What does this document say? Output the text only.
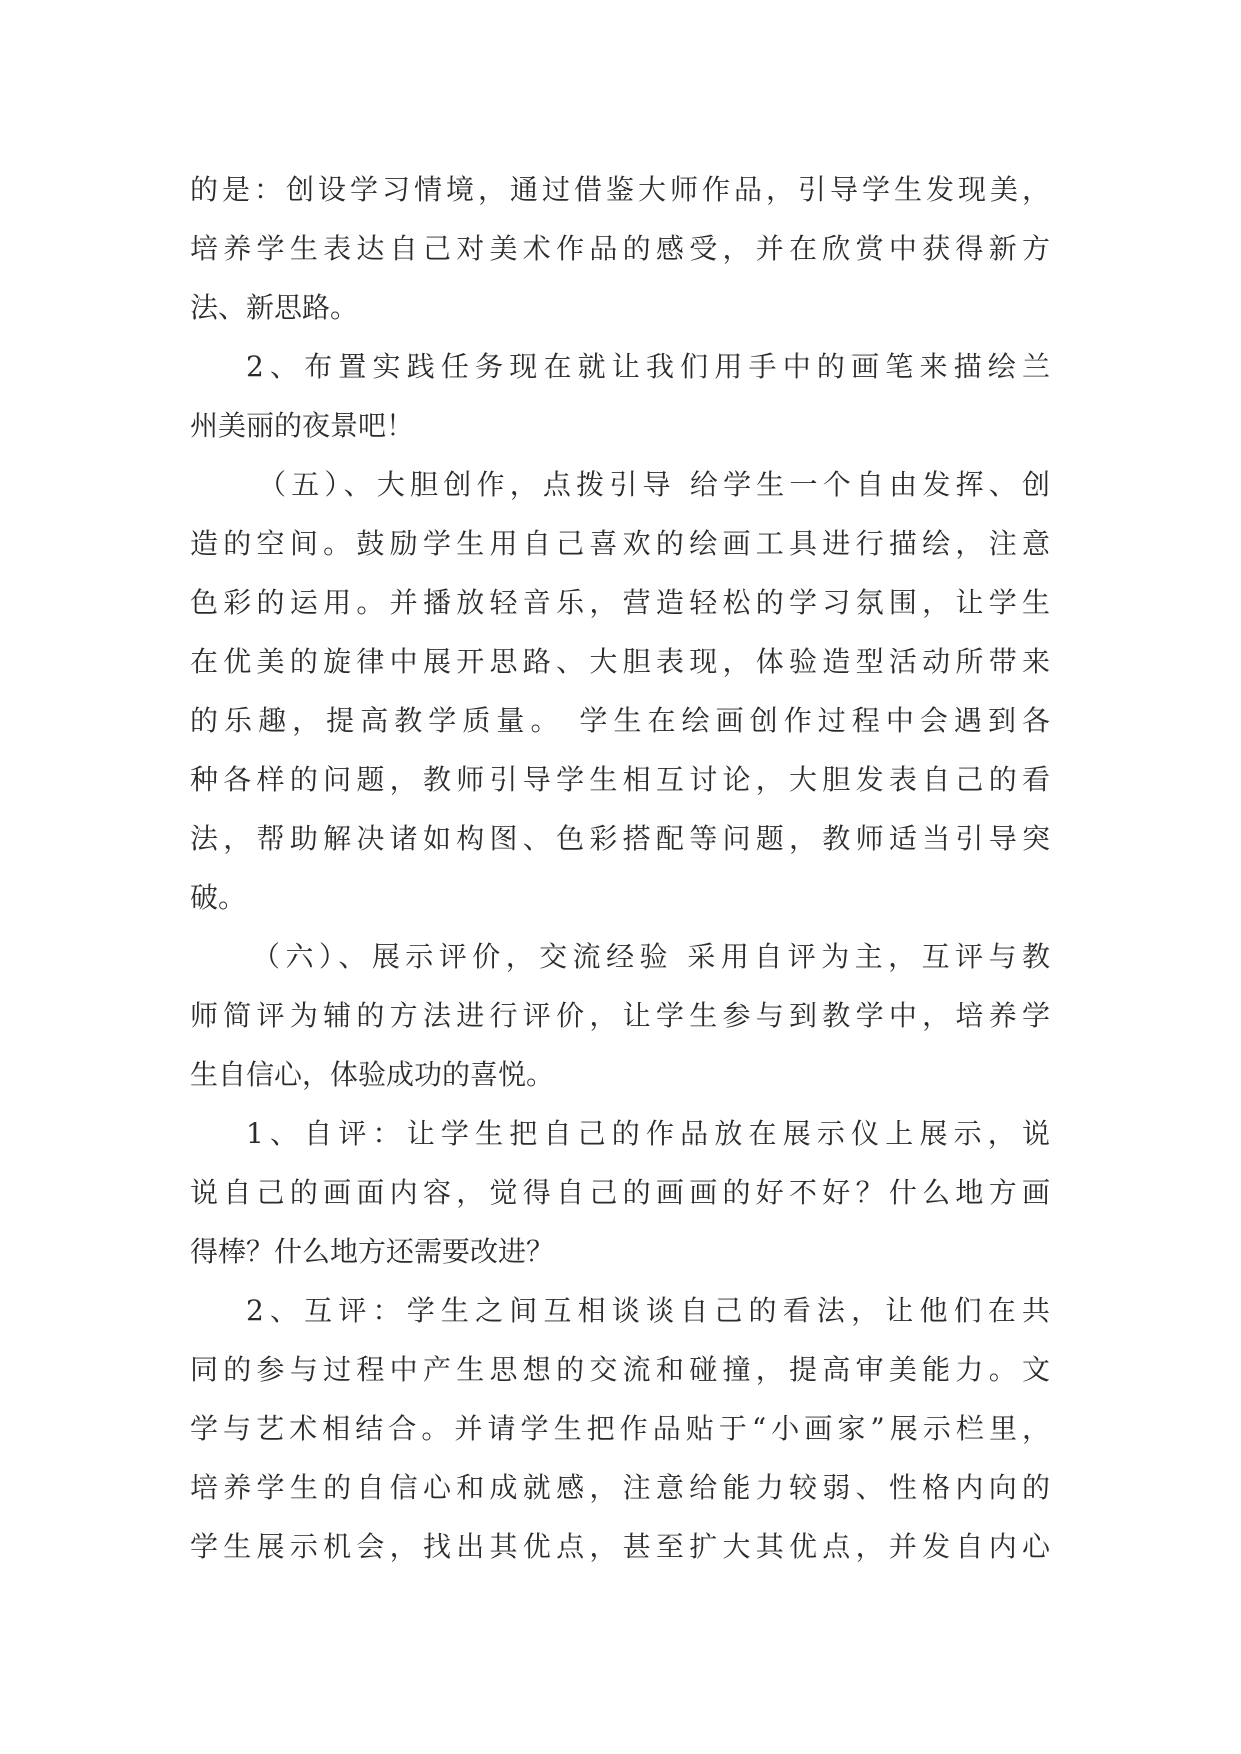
的是：创设学习情境，通过借鉴大师作品，引导学生发现美，
培养学生表达自己对美术作品的感受，并在欣赏中获得新方
法、新思路。
2、布置实践任务现在就让我们用手中的画笔来描绘兰
州美丽的夜景吧！
（五）、大胆创作，点拨引导 给学生一个自由发挥、创
造的空间。鼓励学生用自己喜欢的绘画工具进行描绘，注意
色彩的运用。并播放轻音乐，营造轻松的学习氛围，让学生
在优美的旋律中展开思路、大胆表现，体验造型活动所带来
的乐趣，提高教学质量。 学生在绘画创作过程中会遇到各
种各样的问题，教师引导学生相互讨论，大胆发表自己的看
法，帮助解决诸如构图、色彩搭配等问题，教师适当引导突
破。
（六）、展示评价，交流经验 采用自评为主，互评与教
师简评为辅的方法进行评价，让学生参与到教学中，培养学
生自信心，体验成功的喜悦。
1、自评：让学生把自己的作品放在展示仪上展示，说
说自己的画面内容，觉得自己的画画的好不好？什么地方画
得棒？什么地方还需要改进？
2、互评：学生之间互相谈谈自己的看法，让他们在共
同的参与过程中产生思想的交流和碰撞，提高审美能力。文
学与艺术相结合。并请学生把作品贴于“小画家”展示栏里，
培养学生的自信心和成就感，注意给能力较弱、性格内向的
学生展示机会，找出其优点，甚至扩大其优点，并发自内心
